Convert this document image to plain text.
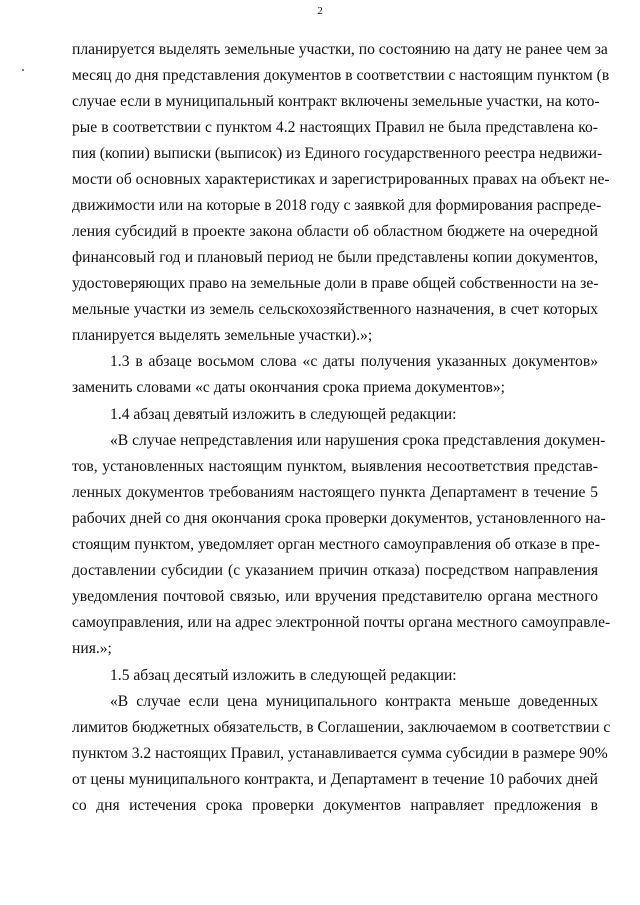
2
планируется выделять земельные участки, по состоянию на дату не ранее чем за
месяц до дня представления документов в соответствии с настоящим пунктом (в
случае если в муниципальный контракт включены земельные участки, на кото-
рые в соответствии с пунктом 4.2 настоящих Правил не была представлена ко-
пия (копии) выписки (выписок) из Единого государственного реестра недвижи-
мости об основных характеристиках и зарегистрированных правах на объект не-
движимости или на которые в 2018 году с заявкой для формирования распреде-
ления субсидий в проекте закона области об областном бюджете на очередной
финансовый год и плановый период не были представлены копии документов,
удостоверяющих право на земельные доли в праве общей собственности на зе-
мельные участки из земель сельскохозяйственного назначения, в счет которых
планируется выделять земельные участки).»;
1.3 в абзаце восьмом слова «с даты получения указанных документов»
заменить словами «с даты окончания срока приема документов»;
1.4 абзац девятый изложить в следующей редакции:
«В случае непредставления или нарушения срока представления докумен-
тов, установленных настоящим пунктом, выявления несоответствия представ-
ленных документов требованиям настоящего пункта Департамент в течение 5
рабочих дней со дня окончания срока проверки документов, установленного на-
стоящим пунктом, уведомляет орган местного самоуправления об отказе в пре-
доставлении субсидии (с указанием причин отказа) посредством направления
уведомления почтовой связью, или вручения представителю органа местного
самоуправления, или на адрес электронной почты органа местного самоуправле-
ния.»;
1.5 абзац десятый изложить в следующей редакции:
«В случае если цена муниципального контракта меньше доведенных
лимитов бюджетных обязательств, в Соглашении, заключаемом в соответствии с
пунктом 3.2 настоящих Правил, устанавливается сумма субсидии в размере 90%
от цены муниципального контракта, и Департамент в течение 10 рабочих дней
со дня истечения срока проверки документов направляет предложения в
